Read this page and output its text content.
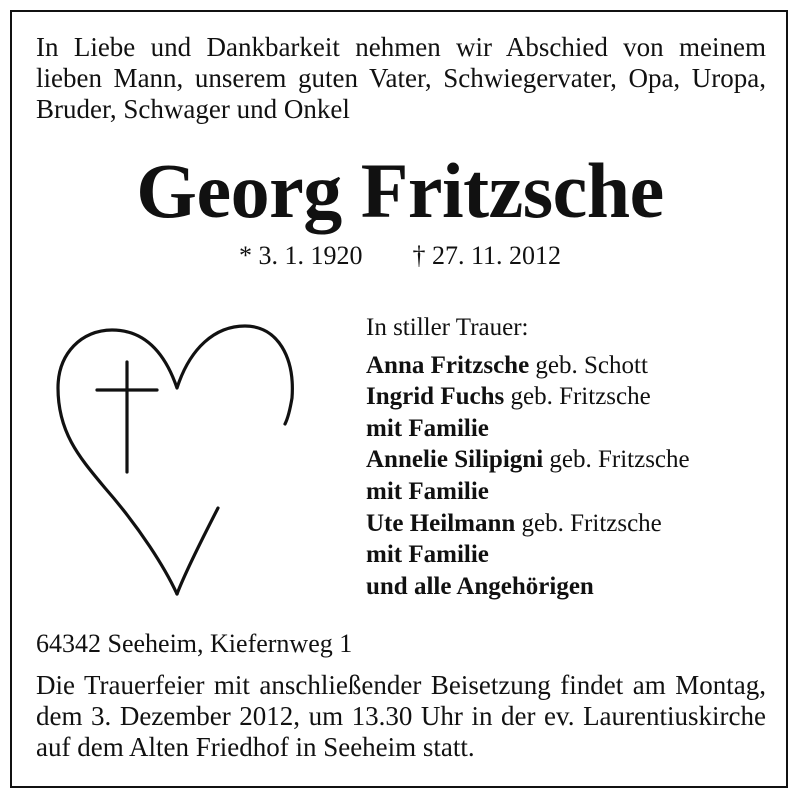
In Liebe und Dankbarkeit nehmen wir Abschied von meinem lieben Mann, unserem guten Vater, Schwiegervater, Opa, Uropa, Bruder, Schwager und Onkel

Georg Fritzsche
* 3. 1. 1920 † 27. 11. 2012
In stiller Trauer:
Anna Fritzsche geb. Schott
Ingrid Fuchs geb. Fritzsche
mit Familie
Annelie Silipigni geb. Fritzsche
mit Familie
Ute Heilmann geb. Fritzsche
mit Familie
und alle Angehörigen

64342 Seeheim, Kiefernweg 1

Die Trauerfeier mit anschließender Beisetzung findet am Montag, dem 3. Dezember 2012, um 13.30 Uhr in der ev. Laurentiuskirche auf dem Alten Friedhof in Seeheim statt.
